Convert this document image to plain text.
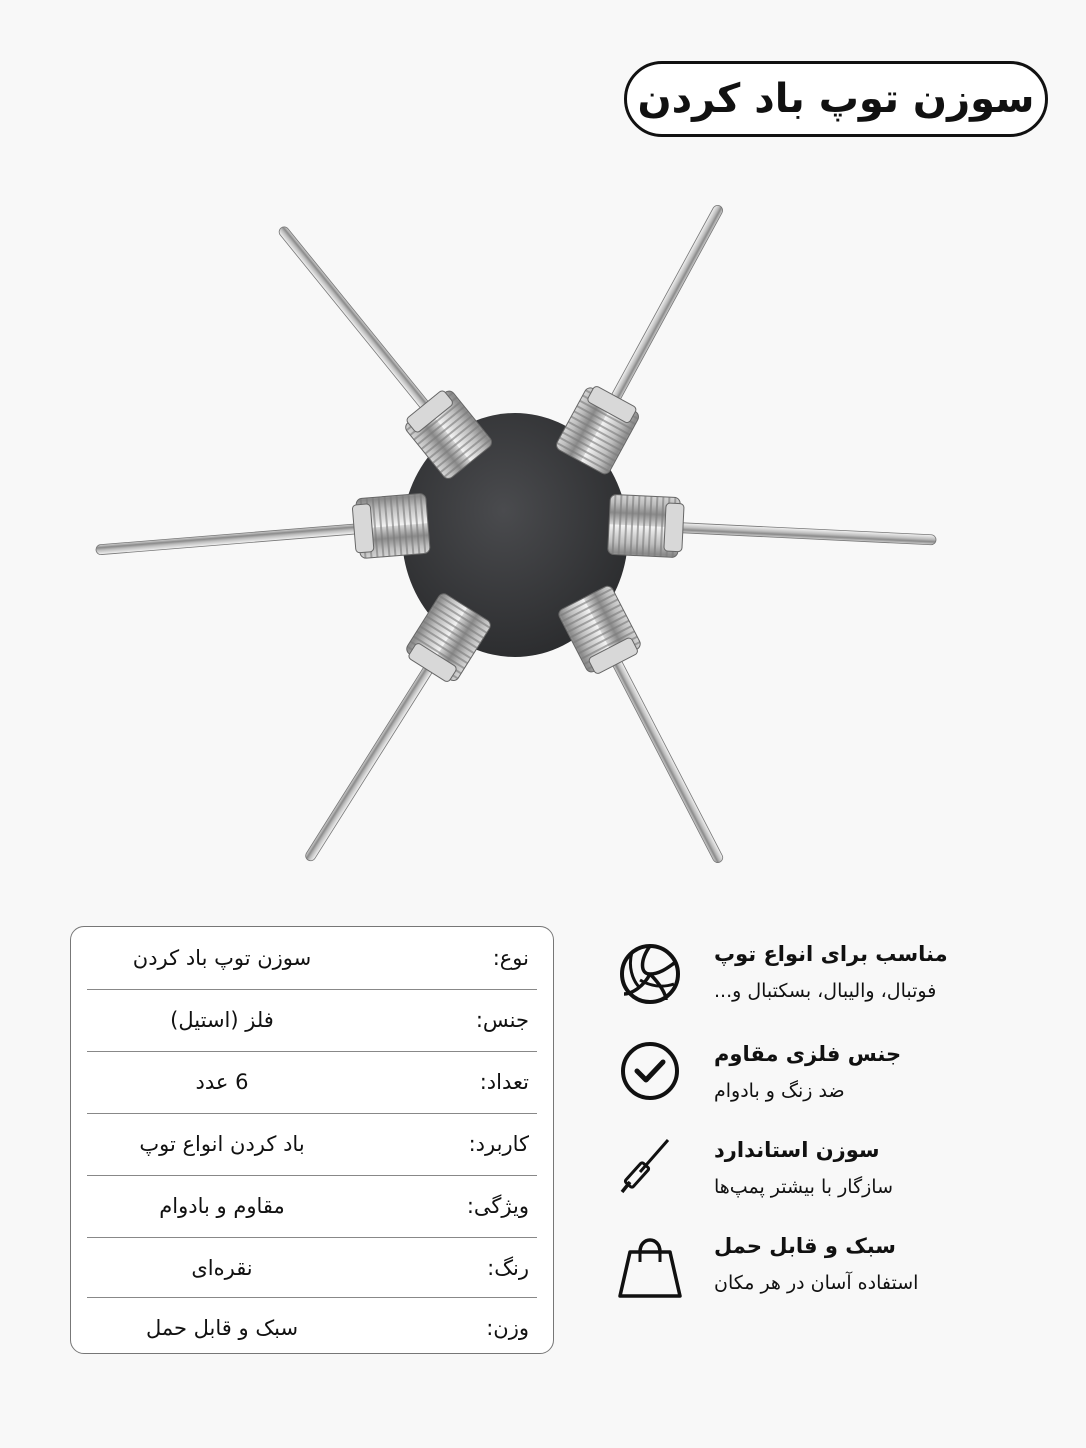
سوزن توپ باد کردن
نوع:
سوزن توپ باد کردن
جنس:
فلز (استیل)
تعداد:
6 عدد
کاربرد:
باد کردن انواع توپ
ویژگی:
مقاوم و بادوام
رنگ:
نقره‌ای
وزن:
سبک و قابل حمل
مناسب برای انواع توپ
فوتبال، والیبال، بسکتبال و...
جنس فلزی مقاوم
ضد زنگ و بادوام
سوزن استاندارد
سازگار با بیشتر پمپ‌ها
سبک و قابل حمل
استفاده آسان در هر مکان
